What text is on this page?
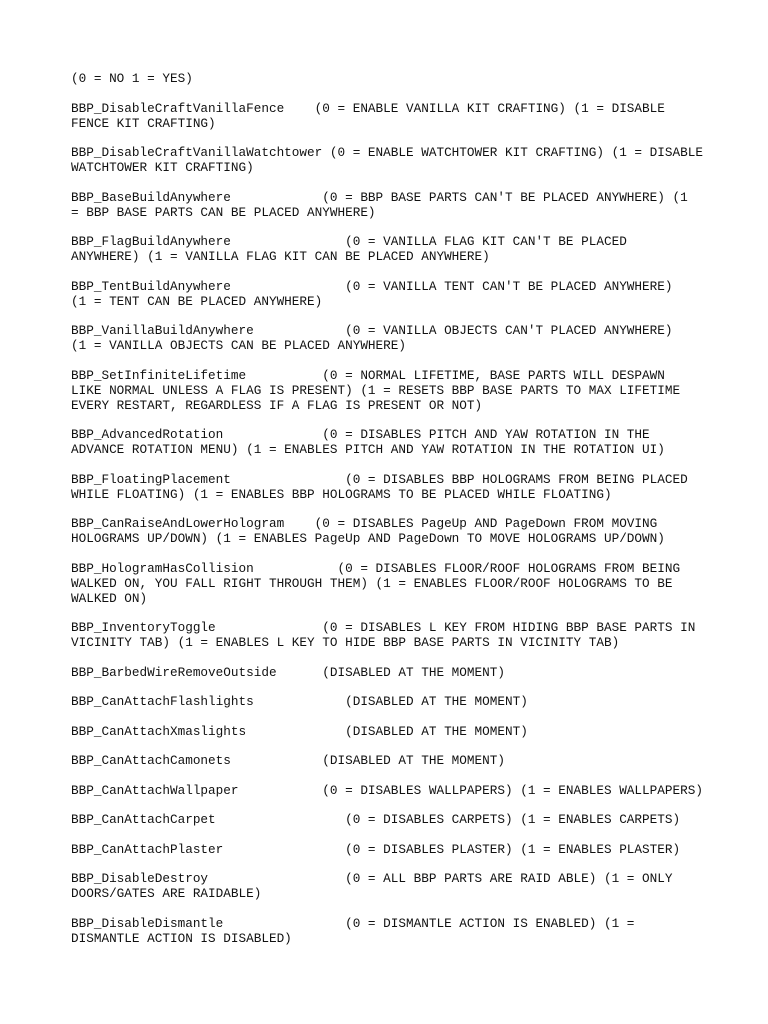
(0 = NO 1 = YES)

BBP_DisableCraftVanillaFence    (0 = ENABLE VANILLA KIT CRAFTING) (1 = DISABLE
FENCE KIT CRAFTING)

BBP_DisableCraftVanillaWatchtower (0 = ENABLE WATCHTOWER KIT CRAFTING) (1 = DISABLE
WATCHTOWER KIT CRAFTING)

BBP_BaseBuildAnywhere            (0 = BBP BASE PARTS CAN'T BE PLACED ANYWHERE) (1
= BBP BASE PARTS CAN BE PLACED ANYWHERE)

BBP_FlagBuildAnywhere               (0 = VANILLA FLAG KIT CAN'T BE PLACED
ANYWHERE) (1 = VANILLA FLAG KIT CAN BE PLACED ANYWHERE)

BBP_TentBuildAnywhere               (0 = VANILLA TENT CAN'T BE PLACED ANYWHERE)
(1 = TENT CAN BE PLACED ANYWHERE)

BBP_VanillaBuildAnywhere            (0 = VANILLA OBJECTS CAN'T PLACED ANYWHERE)
(1 = VANILLA OBJECTS CAN BE PLACED ANYWHERE)

BBP_SetInfiniteLifetime          (0 = NORMAL LIFETIME, BASE PARTS WILL DESPAWN
LIKE NORMAL UNLESS A FLAG IS PRESENT) (1 = RESETS BBP BASE PARTS TO MAX LIFETIME
EVERY RESTART, REGARDLESS IF A FLAG IS PRESENT OR NOT)

BBP_AdvancedRotation             (0 = DISABLES PITCH AND YAW ROTATION IN THE
ADVANCE ROTATION MENU) (1 = ENABLES PITCH AND YAW ROTATION IN THE ROTATION UI)

BBP_FloatingPlacement               (0 = DISABLES BBP HOLOGRAMS FROM BEING PLACED
WHILE FLOATING) (1 = ENABLES BBP HOLOGRAMS TO BE PLACED WHILE FLOATING)

BBP_CanRaiseAndLowerHologram    (0 = DISABLES PageUp AND PageDown FROM MOVING
HOLOGRAMS UP/DOWN) (1 = ENABLES PageUp AND PageDown TO MOVE HOLOGRAMS UP/DOWN)

BBP_HologramHasCollision           (0 = DISABLES FLOOR/ROOF HOLOGRAMS FROM BEING
WALKED ON, YOU FALL RIGHT THROUGH THEM) (1 = ENABLES FLOOR/ROOF HOLOGRAMS TO BE
WALKED ON)

BBP_InventoryToggle              (0 = DISABLES L KEY FROM HIDING BBP BASE PARTS IN
VICINITY TAB) (1 = ENABLES L KEY TO HIDE BBP BASE PARTS IN VICINITY TAB)

BBP_BarbedWireRemoveOutside      (DISABLED AT THE MOMENT)

BBP_CanAttachFlashlights            (DISABLED AT THE MOMENT)

BBP_CanAttachXmaslights             (DISABLED AT THE MOMENT)

BBP_CanAttachCamonets            (DISABLED AT THE MOMENT)

BBP_CanAttachWallpaper           (0 = DISABLES WALLPAPERS) (1 = ENABLES WALLPAPERS)

BBP_CanAttachCarpet                 (0 = DISABLES CARPETS) (1 = ENABLES CARPETS)

BBP_CanAttachPlaster                (0 = DISABLES PLASTER) (1 = ENABLES PLASTER)

BBP_DisableDestroy                  (0 = ALL BBP PARTS ARE RAID ABLE) (1 = ONLY
DOORS/GATES ARE RAIDABLE)

BBP_DisableDismantle                (0 = DISMANTLE ACTION IS ENABLED) (1 =
DISMANTLE ACTION IS DISABLED)
